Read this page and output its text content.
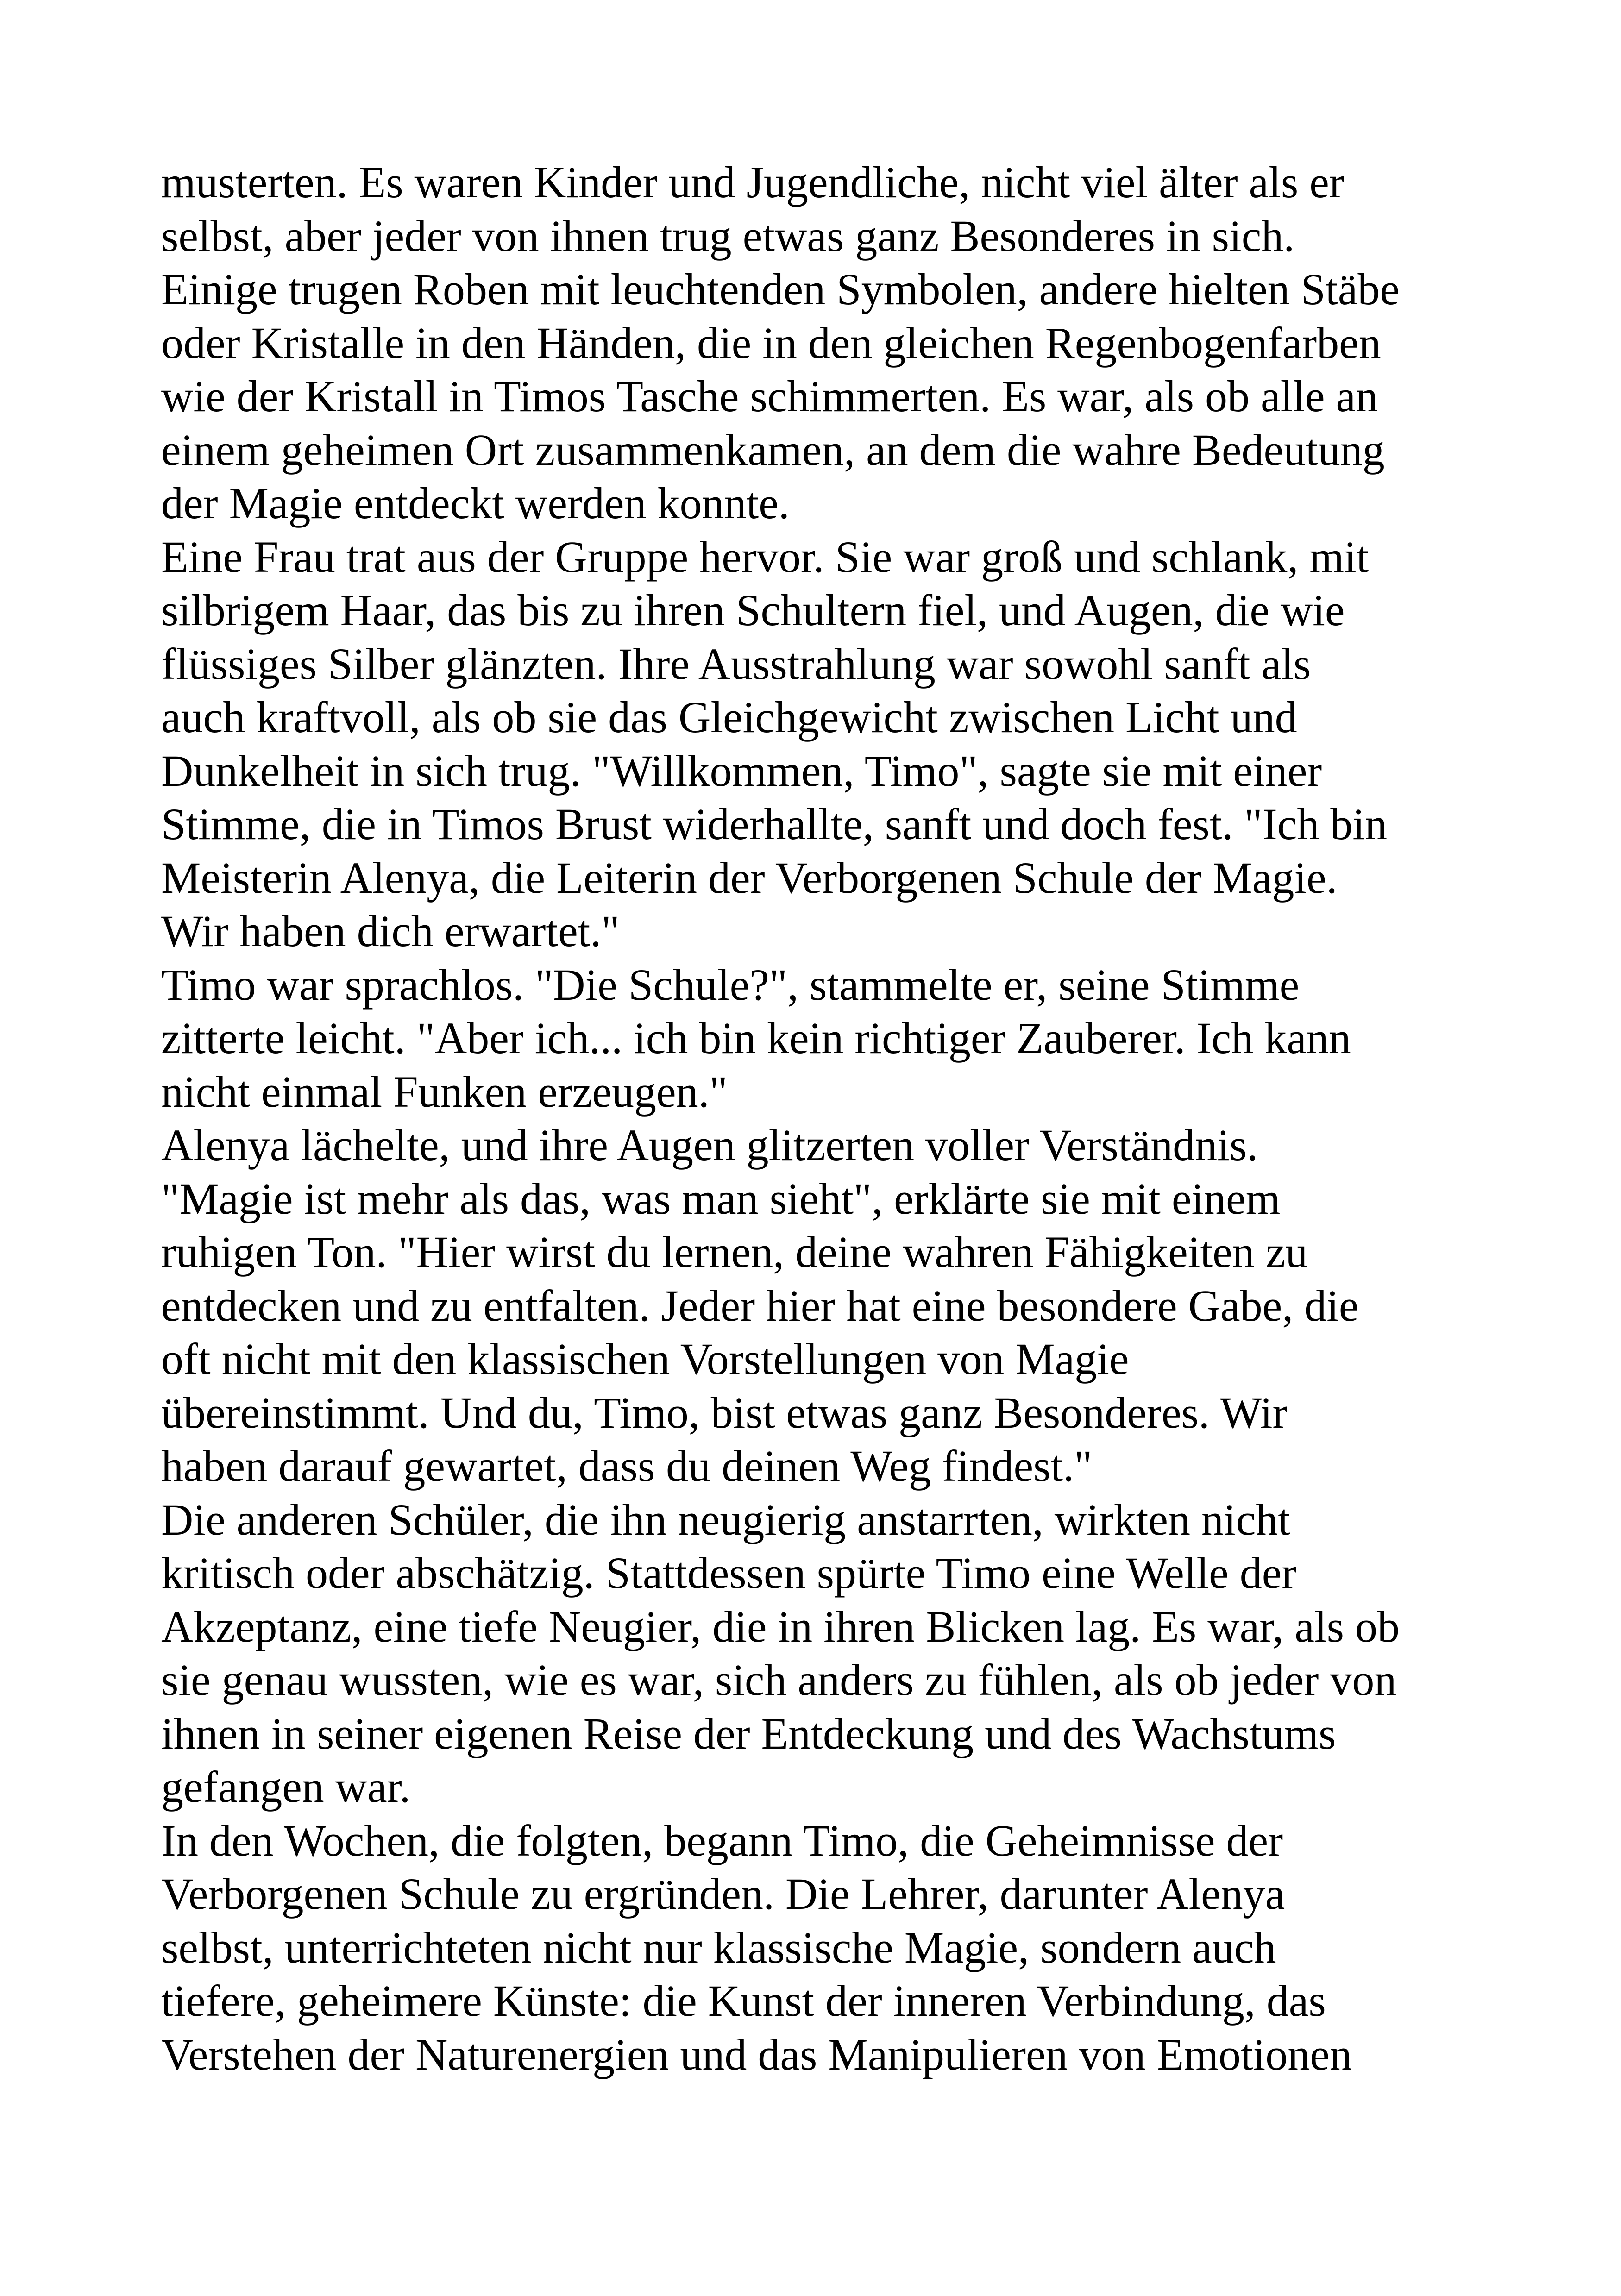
musterten. Es waren Kinder und Jugendliche, nicht viel älter als er
selbst, aber jeder von ihnen trug etwas ganz Besonderes in sich.
Einige trugen Roben mit leuchtenden Symbolen, andere hielten Stäbe
oder Kristalle in den Händen, die in den gleichen Regenbogenfarben
wie der Kristall in Timos Tasche schimmerten. Es war, als ob alle an
einem geheimen Ort zusammenkamen, an dem die wahre Bedeutung
der Magie entdeckt werden konnte.
Eine Frau trat aus der Gruppe hervor. Sie war groß und schlank, mit
silbrigem Haar, das bis zu ihren Schultern fiel, und Augen, die wie
flüssiges Silber glänzten. Ihre Ausstrahlung war sowohl sanft als
auch kraftvoll, als ob sie das Gleichgewicht zwischen Licht und
Dunkelheit in sich trug. "Willkommen, Timo", sagte sie mit einer
Stimme, die in Timos Brust widerhallte, sanft und doch fest. "Ich bin
Meisterin Alenya, die Leiterin der Verborgenen Schule der Magie.
Wir haben dich erwartet."
Timo war sprachlos. "Die Schule?", stammelte er, seine Stimme
zitterte leicht. "Aber ich... ich bin kein richtiger Zauberer. Ich kann
nicht einmal Funken erzeugen."
Alenya lächelte, und ihre Augen glitzerten voller Verständnis.
"Magie ist mehr als das, was man sieht", erklärte sie mit einem
ruhigen Ton. "Hier wirst du lernen, deine wahren Fähigkeiten zu
entdecken und zu entfalten. Jeder hier hat eine besondere Gabe, die
oft nicht mit den klassischen Vorstellungen von Magie
übereinstimmt. Und du, Timo, bist etwas ganz Besonderes. Wir
haben darauf gewartet, dass du deinen Weg findest."
Die anderen Schüler, die ihn neugierig anstarrten, wirkten nicht
kritisch oder abschätzig. Stattdessen spürte Timo eine Welle der
Akzeptanz, eine tiefe Neugier, die in ihren Blicken lag. Es war, als ob
sie genau wussten, wie es war, sich anders zu fühlen, als ob jeder von
ihnen in seiner eigenen Reise der Entdeckung und des Wachstums
gefangen war.
In den Wochen, die folgten, begann Timo, die Geheimnisse der
Verborgenen Schule zu ergründen. Die Lehrer, darunter Alenya
selbst, unterrichteten nicht nur klassische Magie, sondern auch
tiefere, geheimere Künste: die Kunst der inneren Verbindung, das
Verstehen der Naturenergien und das Manipulieren von Emotionen
